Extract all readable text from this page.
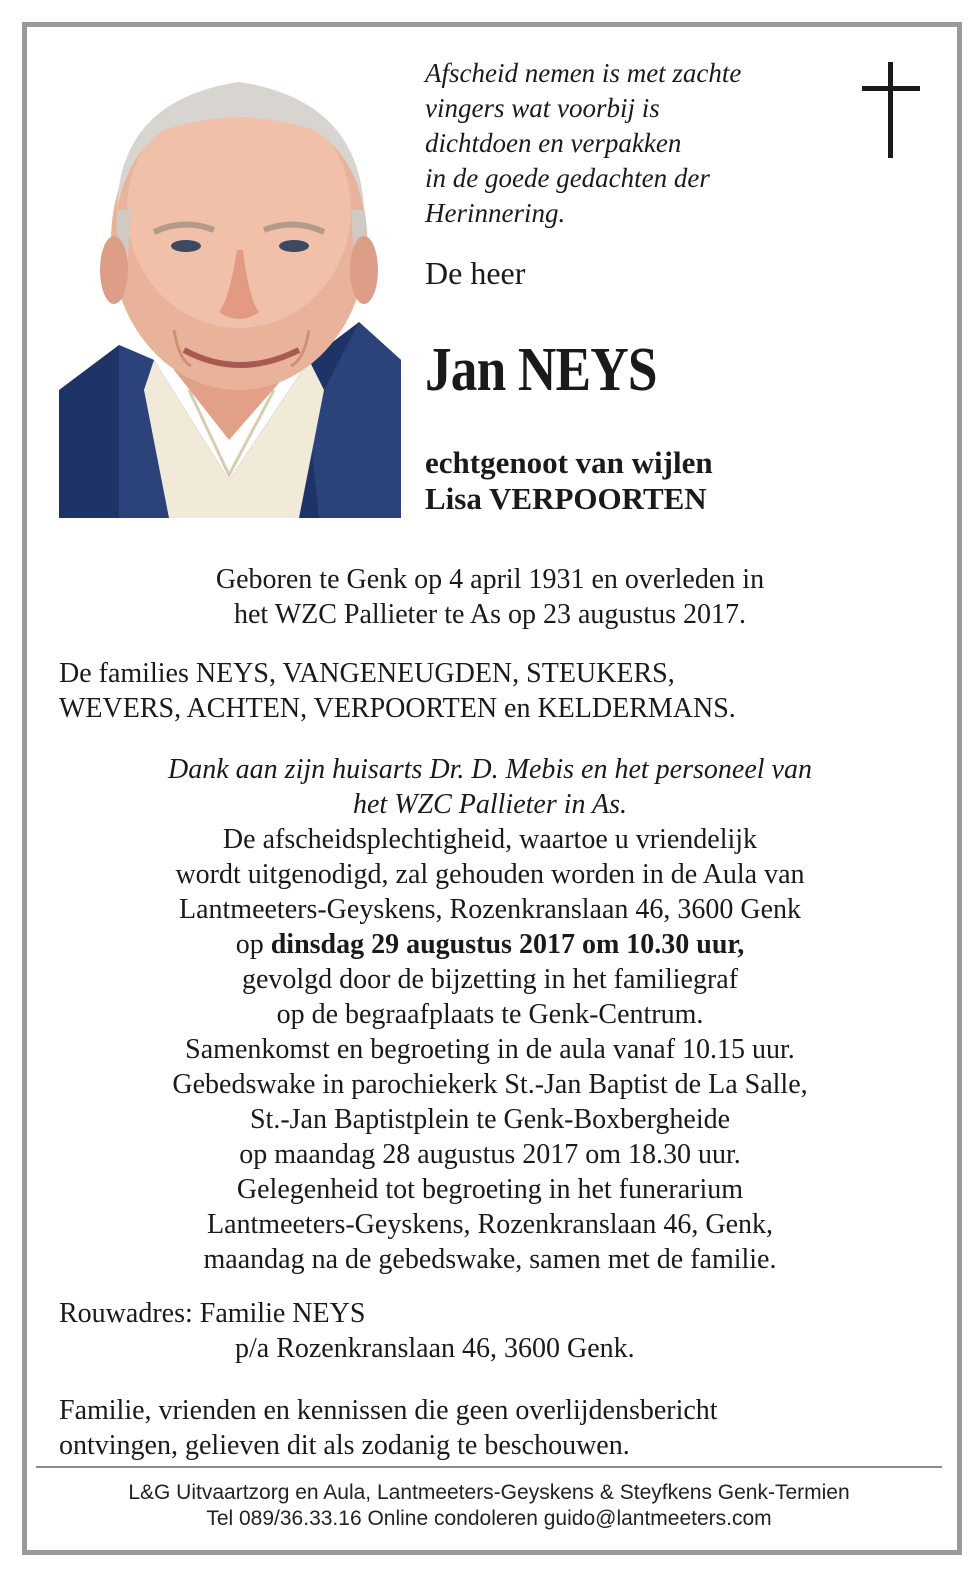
Afscheid nemen is met zachte
vingers wat voorbij is
dichtdoen en verpakken
in de goede gedachten der
Herinnering.
De heer
Jan NEYS
echtgenoot van wijlen
Lisa VERPOORTEN
Geboren te Genk op 4 april 1931 en overleden in
het WZC Pallieter te As op 23 augustus 2017.
De families NEYS, VANGENEUGDEN, STEUKERS,
WEVERS, ACHTEN, VERPOORTEN en KELDERMANS.
Dank aan zijn huisarts Dr. D. Mebis en het personeel van
het WZC Pallieter in As.
De afscheidsplechtigheid, waartoe u vriendelijk
wordt uitgenodigd, zal gehouden worden in de Aula van
Lantmeeters-Geyskens, Rozenkranslaan 46, 3600 Genk
op dinsdag 29 augustus 2017 om 10.30 uur,
gevolgd door de bijzetting in het familiegraf
op de begraafplaats te Genk-Centrum.
Samenkomst en begroeting in de aula vanaf 10.15 uur.
Gebedswake in parochiekerk St.-Jan Baptist de La Salle,
St.-Jan Baptistplein te Genk-Boxbergheide
op maandag 28 augustus 2017 om 18.30 uur.
Gelegenheid tot begroeting in het funerarium
Lantmeeters-Geyskens, Rozenkranslaan 46, Genk,
maandag na de gebedswake, samen met de familie.
Rouwadres: Familie NEYS
p/a Rozenkranslaan 46, 3600 Genk.
Familie, vrienden en kennissen die geen overlijdensbericht
ontvingen, gelieven dit als zodanig te beschouwen.
L&G Uitvaartzorg en Aula, Lantmeeters-Geyskens & Steyfkens Genk-Termien
Tel 089/36.33.16 Online condoleren guido@lantmeeters.com
